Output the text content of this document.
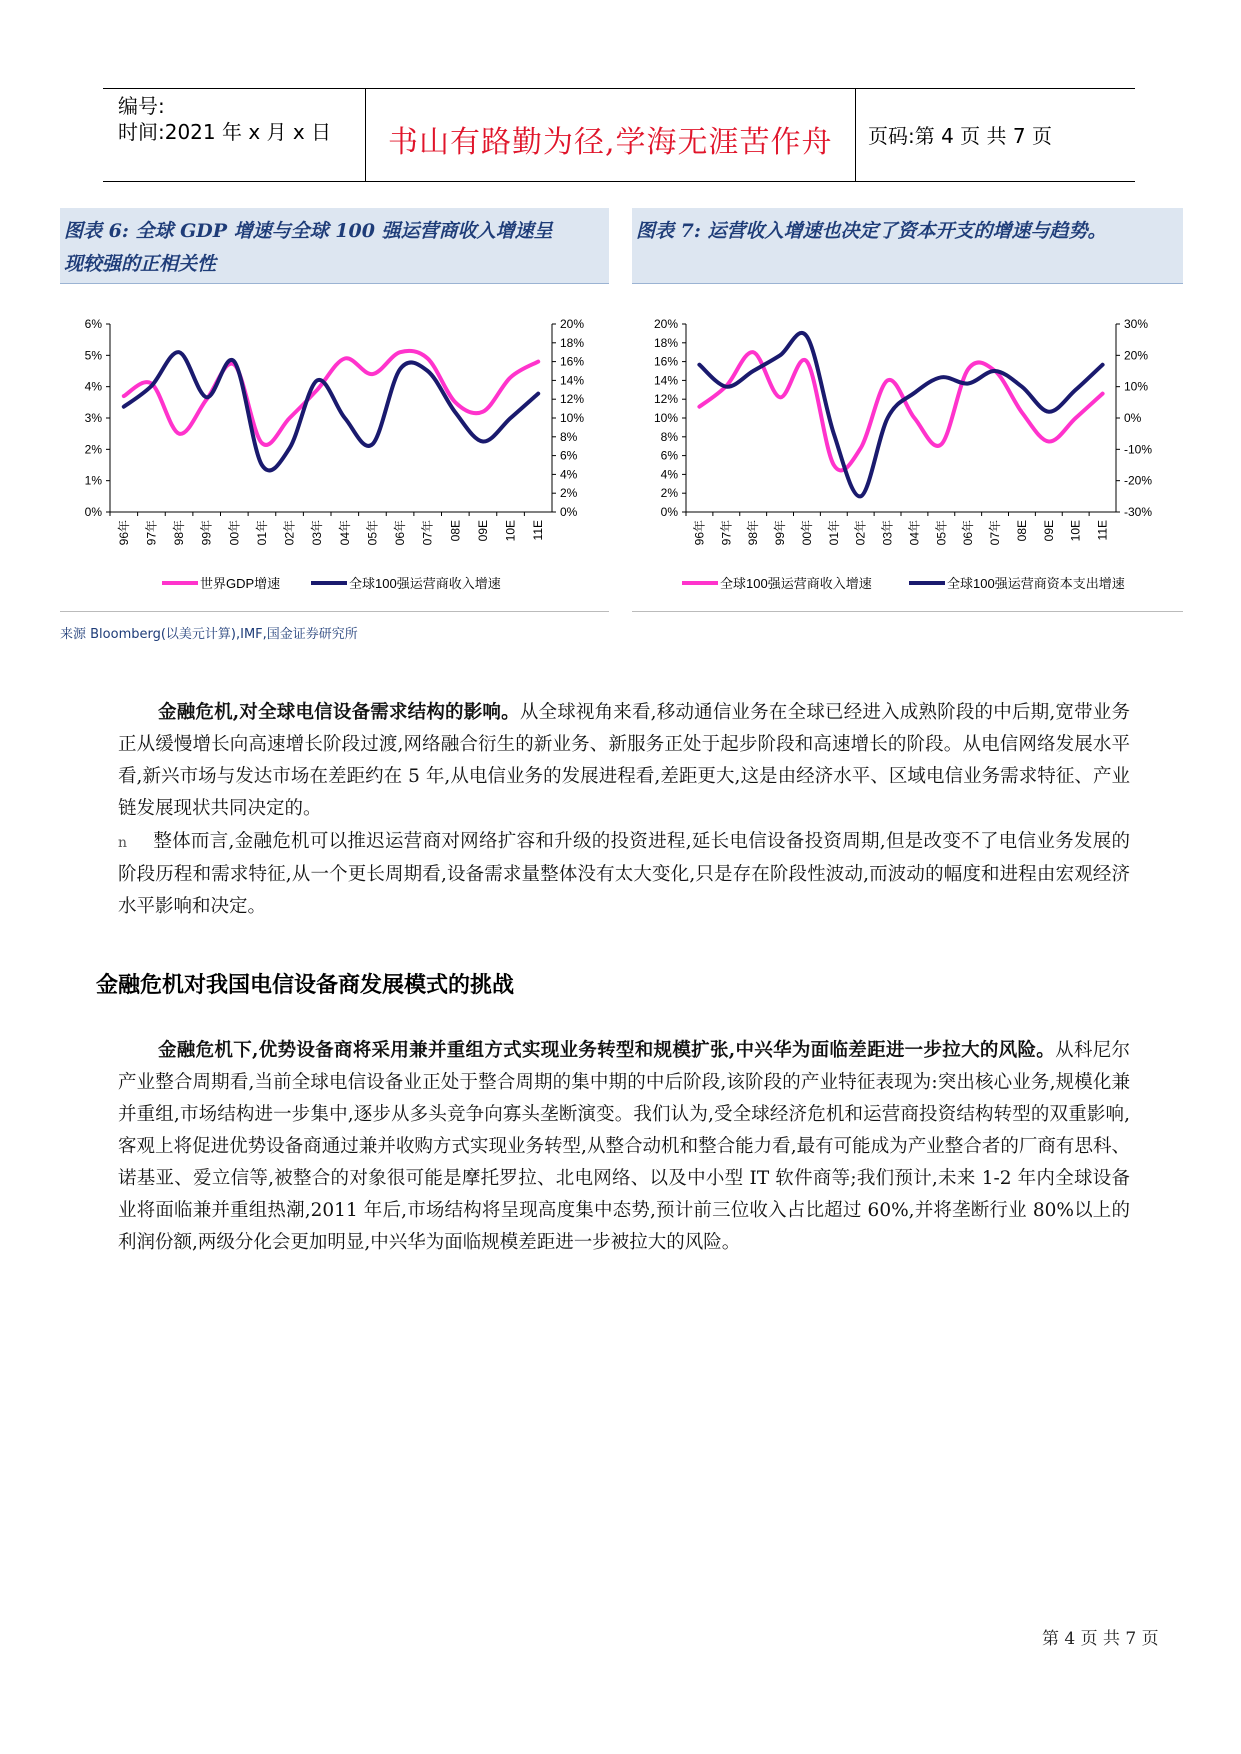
编号:
时间:2021 年 x 月 x 日 书山有路勤为径,学海无涯苦作舟 页码:第 4 页 共 7 页
图表 6: 全球 GDP 增速与全球 100 强运营商收入增速呈
现较强的正相关性
图表 7: 运营收入增速也决定了资本开支的增速与趋势。
6%
5%
4%
3%
2%
1%
0%
20%
18%
16%
14%
12%
10%
8%
6%
4%
2%
0%
96年 97年 98年 99年 00年 01年 02年 03年 04年 05年 06年 07年 08E 09E 10E 11E
世界GDP增速	全球100强运营商收入增速
20%
18%
16%
14%
12%
10%
8%
6%
4%
2%
0%
30%
20%
10%
0%
-10%
-20%
-30%
96年 97年 98年 99年 00年 01年 02年 03年 04年 05年 06年 07年 08E 09E 10E 11E
全球100强运营商收入增速	全球100强运营商资本支出增速
来源 Bloomberg(以美元计算),IMF,国金证券研究所
金融危机,对全球电信设备需求结构的影响。从全球视角来看,移动通信业务在全球已经进入成熟阶段的中后期,宽带业务正从缓慢增长向高速增长阶段过渡,网络融合衍生的新业务、新服务正处于起步阶段和高速增长的阶段。从电信网络发展水平看,新兴市场与发达市场在差距约在 5 年,从电信业务的发展进程看,差距更大,这是由经济水平、区域电信业务需求特征、产业链发展现状共同决定的。
n 整体而言,金融危机可以推迟运营商对网络扩容和升级的投资进程,延长电信设备投资周期,但是改变不了电信业务发展的阶段历程和需求特征,从一个更长周期看,设备需求量整体没有太大变化,只是存在阶段性波动,而波动的幅度和进程由宏观经济水平影响和决定。
金融危机对我国电信设备商发展模式的挑战
金融危机下,优势设备商将采用兼并重组方式实现业务转型和规模扩张,中兴华为面临差距进一步拉大的风险。从科尼尔产业整合周期看,当前全球电信设备业正处于整合周期的集中期的中后阶段,该阶段的产业特征表现为:突出核心业务,规模化兼并重组,市场结构进一步集中,逐步从多头竞争向寡头垄断演变。我们认为,受全球经济危机和运营商投资结构转型的双重影响,客观上将促进优势设备商通过兼并收购方式实现业务转型,从整合动机和整合能力看,最有可能成为产业整合者的厂商有思科、诺基亚、爱立信等,被整合的对象很可能是摩托罗拉、北电网络、以及中小型 IT 软件商等;我们预计,未来 1-2 年内全球设备业将面临兼并重组热潮,2011 年后,市场结构将呈现高度集中态势,预计前三位收入占比超过 60%,并将垄断行业 80%以上的利润份额,两级分化会更加明显,中兴华为面临规模差距进一步被拉大的风险。
第 4 页 共 7 页
